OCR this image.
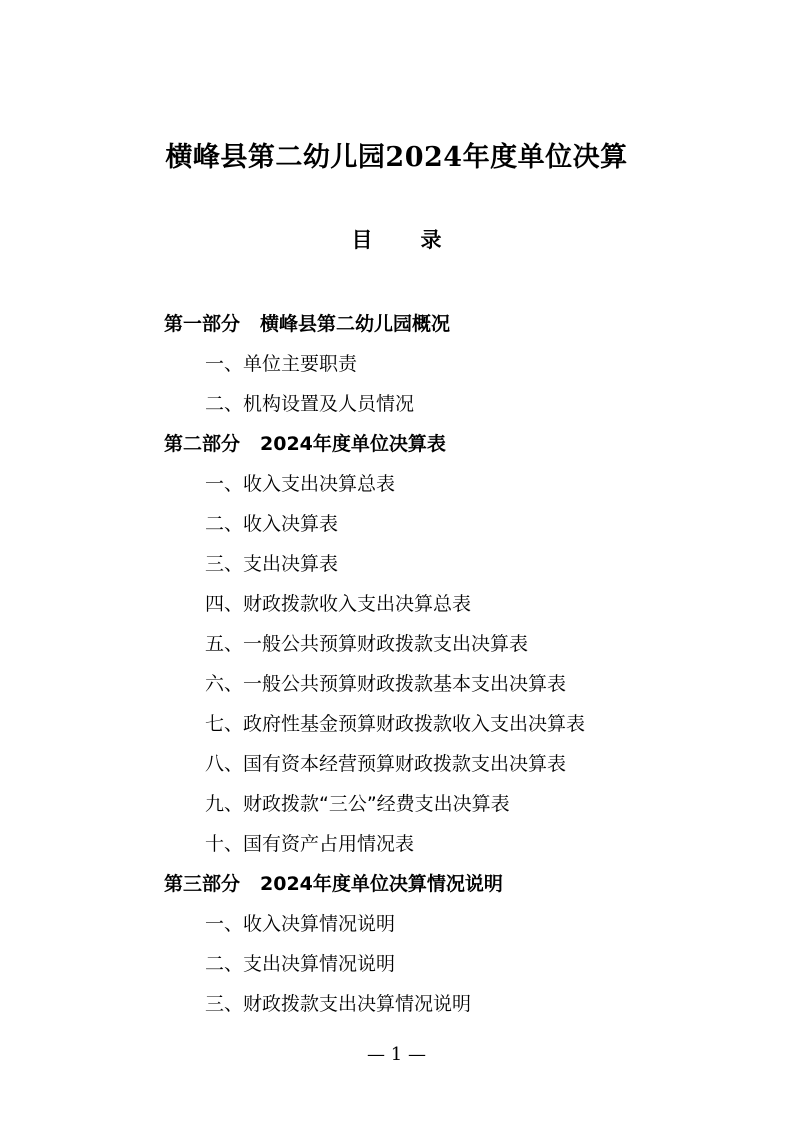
横峰县第二幼儿园2024年度单位决算
目 录
第一部分 横峰县第二幼儿园概况
一、单位主要职责
二、机构设置及人员情况
第二部分 2024年度单位决算表
一、收入支出决算总表
二、收入决算表
三、支出决算表
四、财政拨款收入支出决算总表
五、一般公共预算财政拨款支出决算表
六、一般公共预算财政拨款基本支出决算表
七、政府性基金预算财政拨款收入支出决算表
八、国有资本经营预算财政拨款支出决算表
九、财政拨款“三公”经费支出决算表
十、国有资产占用情况表
第三部分 2024年度单位决算情况说明
一、收入决算情况说明
二、支出决算情况说明
三、财政拨款支出决算情况说明
— 1 —
